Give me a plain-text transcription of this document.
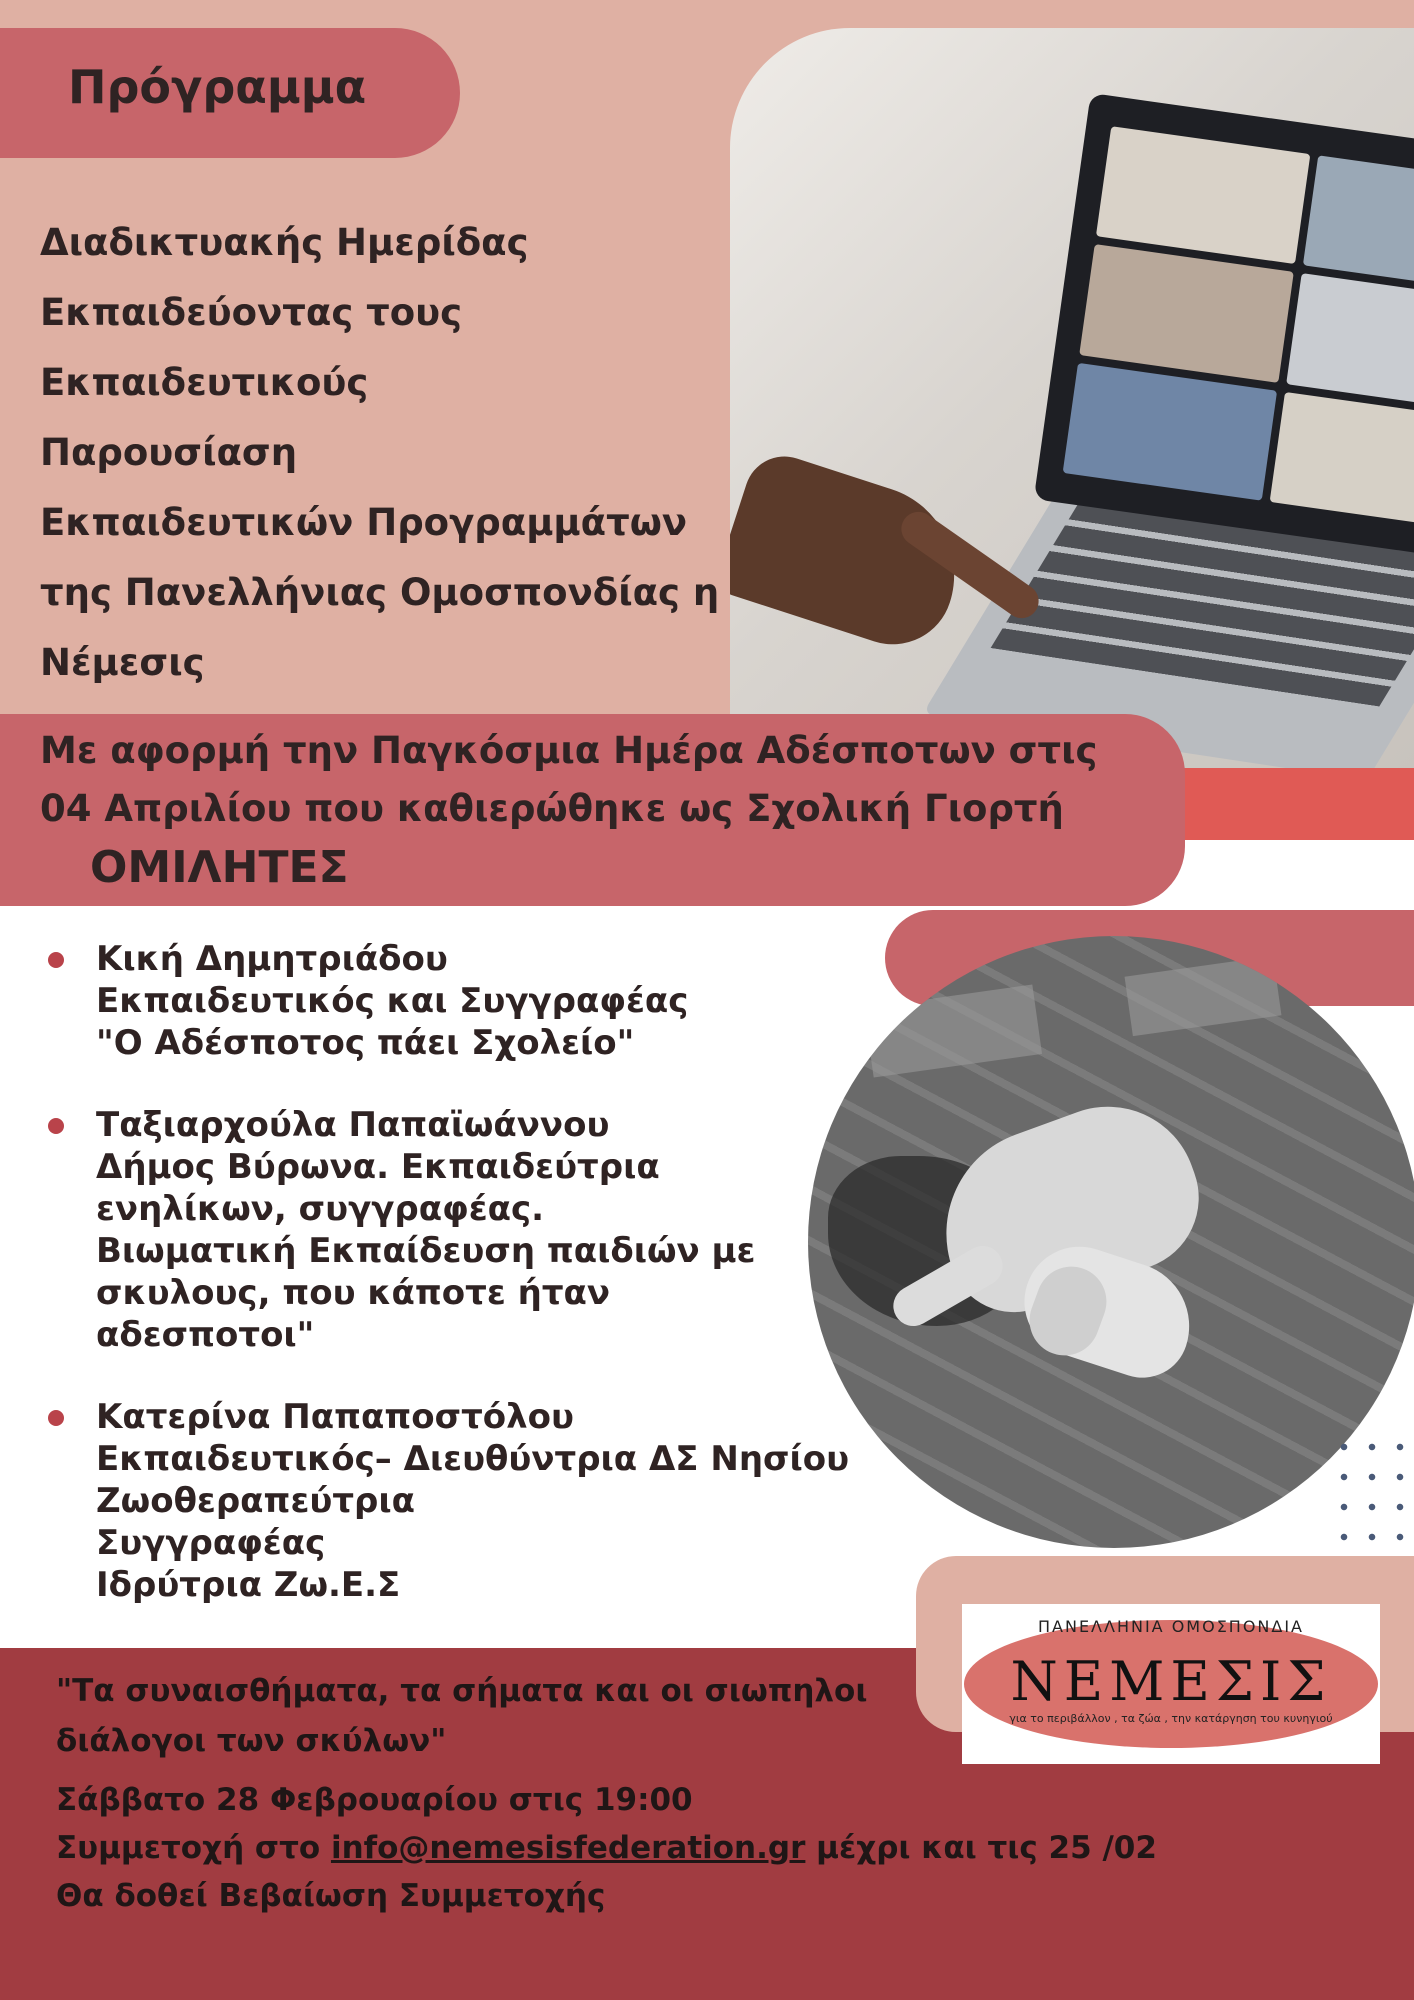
Πρόγραμμα
Διαδικτυακής Ημερίδας
Εκπαιδεύοντας τους
Εκπαιδευτικούς
Παρουσίαση
Εκπαιδευτικών Προγραμμάτων
της Πανελλήνιας Ομοσπονδίας η
Νέμεσις
Με αφορμή την Παγκόσμια Ημέρα Αδέσποτων στις
04 Απριλίου που καθιερώθηκε ως Σχολική Γιορτή
ΟΜΙΛΗΤΕΣ
Κική Δημητριάδου
Εκπαιδευτικός και Συγγραφέας
"Ο Αδέσποτος πάει Σχολείο"
Ταξιαρχούλα Παπαϊωάννου
Δήμος Βύρωνα. Εκπαιδεύτρια
ενηλίκων, συγγραφέας.
Βιωματική Εκπαίδευση παιδιών με
σκυλους, που κάποτε ήταν
αδεσποτοι"
Κατερίνα Παπαποστόλου
Εκπαιδευτικός– Διευθύντρια ΔΣ Νησίου
Ζωοθεραπεύτρια
Συγγραφέας
Ιδρύτρια Ζω.Ε.Σ
ΠΑΝΕΛΛΗΝΙΑ ΟΜΟΣΠΟΝΔΙΑ
ΝΕΜΕΣΙΣ
για το περιβάλλον , τα ζώα , την κατάργηση του κυνηγιού
"Τα συναισθήματα, τα σήματα και οι σιωπηλοι
διάλογοι των σκύλων"
Σάββατο 28 Φεβρουαρίου στις 19:00
Συμμετοχή στο info@nemesisfederation.gr μέχρι και τις 25 /02
Θα δοθεί Βεβαίωση Συμμετοχής
